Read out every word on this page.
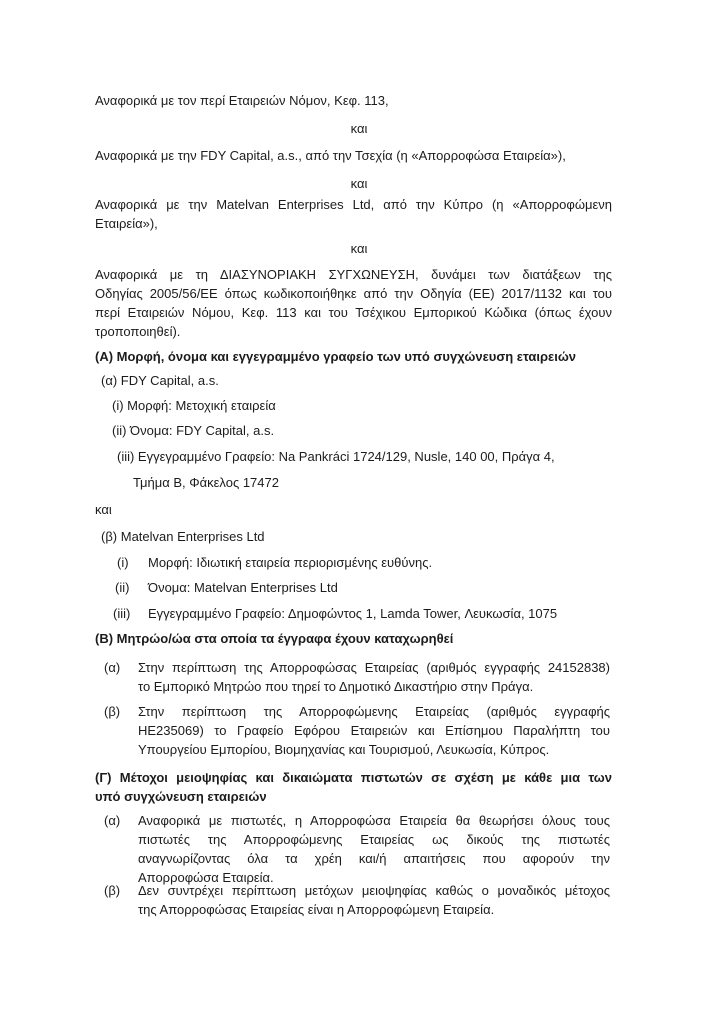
Αναφορικά με τον περί Εταιρειών Νόμον, Κεφ. 113,
και
Αναφορικά με την FDY Capital, a.s., από την Τσεχία (η «Απορροφώσα Εταιρεία»),
και
Αναφορικά με την Matelvan Enterprises Ltd, από την Κύπρο (η «Απορροφώμενη
Εταιρεία»),
και
Αναφορικά με τη ΔΙΑΣΥΝΟΡΙΑΚΗ ΣΥΓΧΩΝΕΥΣΗ, δυνάμει των διατάξεων της
Οδηγίας 2005/56/ΕΕ όπως κωδικοποιήθηκε από την Οδηγία (ΕΕ) 2017/1132 και του
περί Εταιρειών Νόμου, Κεφ. 113 και του Τσέχικου Εμπορικού Κώδικα (όπως έχουν
τροποποιηθεί).
(Α) Μορφή, όνομα και εγγεγραμμένο γραφείο των υπό συγχώνευση εταιρειών
(α) FDY Capital, a.s.
(i) Μορφή: Μετοχική εταιρεία
(ii) Όνομα: FDY Capital, a.s.
(iii) Εγγεγραμμένο Γραφείο: Na Pankráci 1724/129, Nusle, 140 00, Πράγα 4,
Τμήμα Β, Φάκελος 17472
και
(β) Matelvan Enterprises Ltd
(i) Μορφή: Ιδιωτική εταιρεία περιορισμένης ευθύνης.
(ii) Όνομα: Matelvan Enterprises Ltd
(iii) Εγγεγραμμένο Γραφείο: Δημοφώντος 1, Lamda Tower, Λευκωσία, 1075
(Β) Μητρώο/ώα στα οποία τα έγγραφα έχουν καταχωρηθεί
(α) Στην περίπτωση της Απορροφώσας Εταιρείας (αριθμός εγγραφής 24152838)
το Εμπορικό Μητρώο που τηρεί το Δημοτικό Δικαστήριο στην Πράγα.
(β) Στην περίπτωση της Απορροφώμενης Εταιρείας (αριθμός εγγραφής
ΗΕ235069) το Γραφείο Εφόρου Εταιρειών και Επίσημου Παραλήπτη του
Υπουργείου Εμπορίου, Βιομηχανίας και Τουρισμού, Λευκωσία, Κύπρος.
(Γ) Μέτοχοι μειοψηφίας και δικαιώματα πιστωτών σε σχέση με κάθε μια των
υπό συγχώνευση εταιρειών
(α) Αναφορικά με πιστωτές, η Απορροφώσα Εταιρεία θα θεωρήσει όλους τους
πιστωτές της Απορροφώμενης Εταιρείας ως δικούς της πιστωτές
αναγνωρίζοντας όλα τα χρέη και/ή απαιτήσεις που αφορούν την
Απορροφώσα Εταιρεία.
(β) Δεν συντρέχει περίπτωση μετόχων μειοψηφίας καθώς ο μοναδικός μέτοχος
της Απορροφώσας Εταιρείας είναι η Απορροφώμενη Εταιρεία.
